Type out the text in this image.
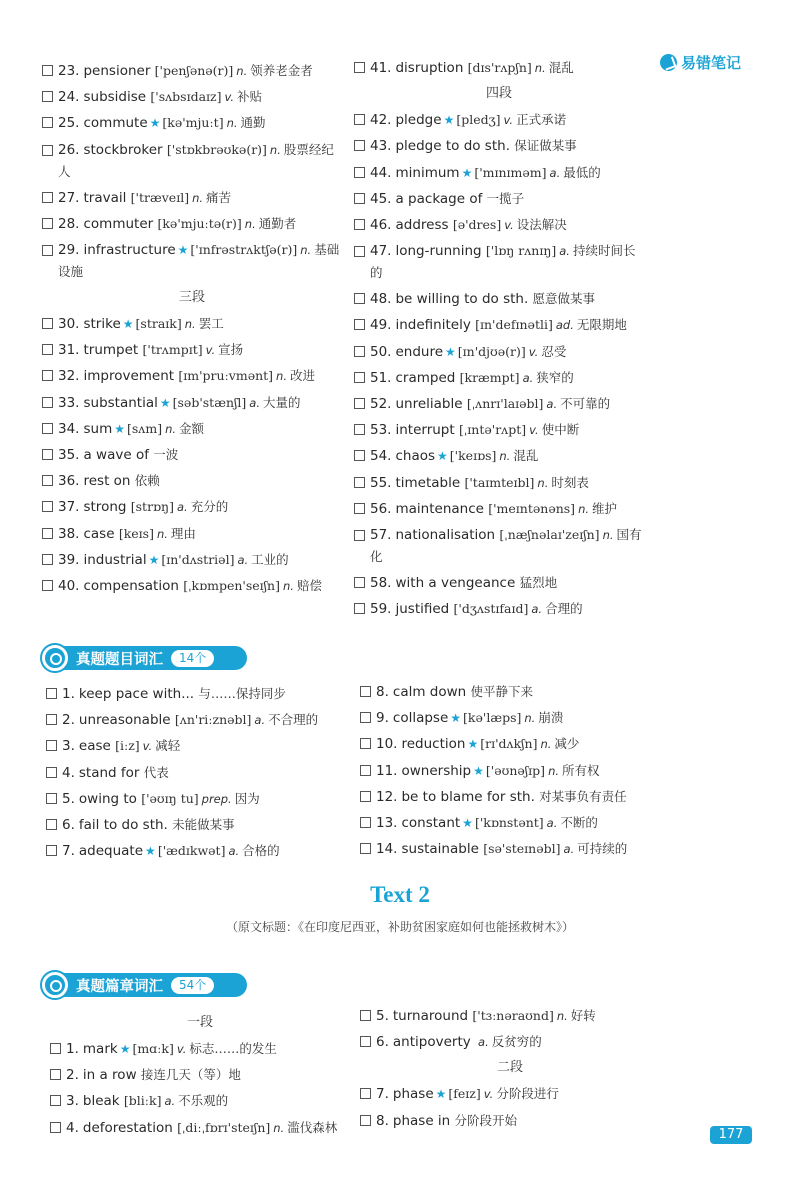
易错笔记
23. pensioner ['penʃənə(r)] n. 领养老金者
24. subsidise ['sʌbsɪdaɪz] v. 补贴
25. commute ★ [kə'mjuːt] n. 通勤
26. stockbroker ['stɒkbrəʊkə(r)] n. 股票经纪人
27. travail ['træveɪl] n. 痛苦
28. commuter [kə'mjuːtə(r)] n. 通勤者
29. infrastructure ★ ['ɪnfrəstrʌktʃə(r)] n. 基础设施
三段
30. strike ★ [straɪk] n. 罢工
31. trumpet ['trʌmpɪt] v. 宣扬
32. improvement [ɪm'pruːvmənt] n. 改进
33. substantial ★ [səb'stænʃl] a. 大量的
34. sum ★ [sʌm] n. 金额
35. a wave of 一波
36. rest on 依赖
37. strong [strɒŋ] a. 充分的
38. case [keɪs] n. 理由
39. industrial ★ [ɪn'dʌstriəl] a. 工业的
40. compensation [ˌkɒmpen'seɪʃn] n. 赔偿
41. disruption [dɪs'rʌpʃn] n. 混乱
四段
42. pledge ★ [pledʒ] v. 正式承诺
43. pledge to do sth. 保证做某事
44. minimum ★ ['mɪnɪməm] a. 最低的
45. a package of 一揽子
46. address [ə'dres] v. 设法解决
47. long-running ['lɒŋ rʌnɪŋ] a. 持续时间长的
48. be willing to do sth. 愿意做某事
49. indefinitely [ɪn'defɪnətli] ad. 无限期地
50. endure ★ [ɪn'djʊə(r)] v. 忍受
51. cramped [kræmpt] a. 狭窄的
52. unreliable [ˌʌnrɪ'laɪəbl] a. 不可靠的
53. interrupt [ˌɪntə'rʌpt] v. 使中断
54. chaos ★ ['keɪɒs] n. 混乱
55. timetable ['taɪmteɪbl] n. 时刻表
56. maintenance ['meɪntənəns] n. 维护
57. nationalisation [ˌnæʃnəlaɪ'zeɪʃn] n. 国有化
58. with a vengeance 猛烈地
59. justified ['dʒʌstɪfaɪd] a. 合理的
真题题目词汇	14个
1. keep pace with... 与……保持同步
2. unreasonable [ʌn'riːznəbl] a. 不合理的
3. ease [iːz] v. 减轻
4. stand for 代表
5. owing to ['əʊɪŋ tu] prep. 因为
6. fail to do sth. 未能做某事
7. adequate ★ ['ædɪkwət] a. 合格的
8. calm down 使平静下来
9. collapse ★ [kə'læps] n. 崩溃
10. reduction ★ [rɪ'dʌkʃn] n. 减少
11. ownership ★ ['əʊnəʃɪp] n. 所有权
12. be to blame for sth. 对某事负有责任
13. constant ★ ['kɒnstənt] a. 不断的
14. sustainable [sə'steɪnəbl] a. 可持续的
Text 2
（原文标题：《在印度尼西亚，补助贫困家庭如何也能拯救树木》）
真题篇章词汇	54个
一段
1. mark ★ [mɑːk] v. 标志……的发生
2. in a row 接连几天（等）地
3. bleak [bliːk] a. 不乐观的
4. deforestation [ˌdiːˌfɒrɪ'steɪʃn] n. 滥伐森林
5. turnaround ['tɜːnəraʊnd] n. 好转
6. antipoverty a. 反贫穷的
二段
7. phase ★ [feɪz] v. 分阶段进行
8. phase in 分阶段开始
177
